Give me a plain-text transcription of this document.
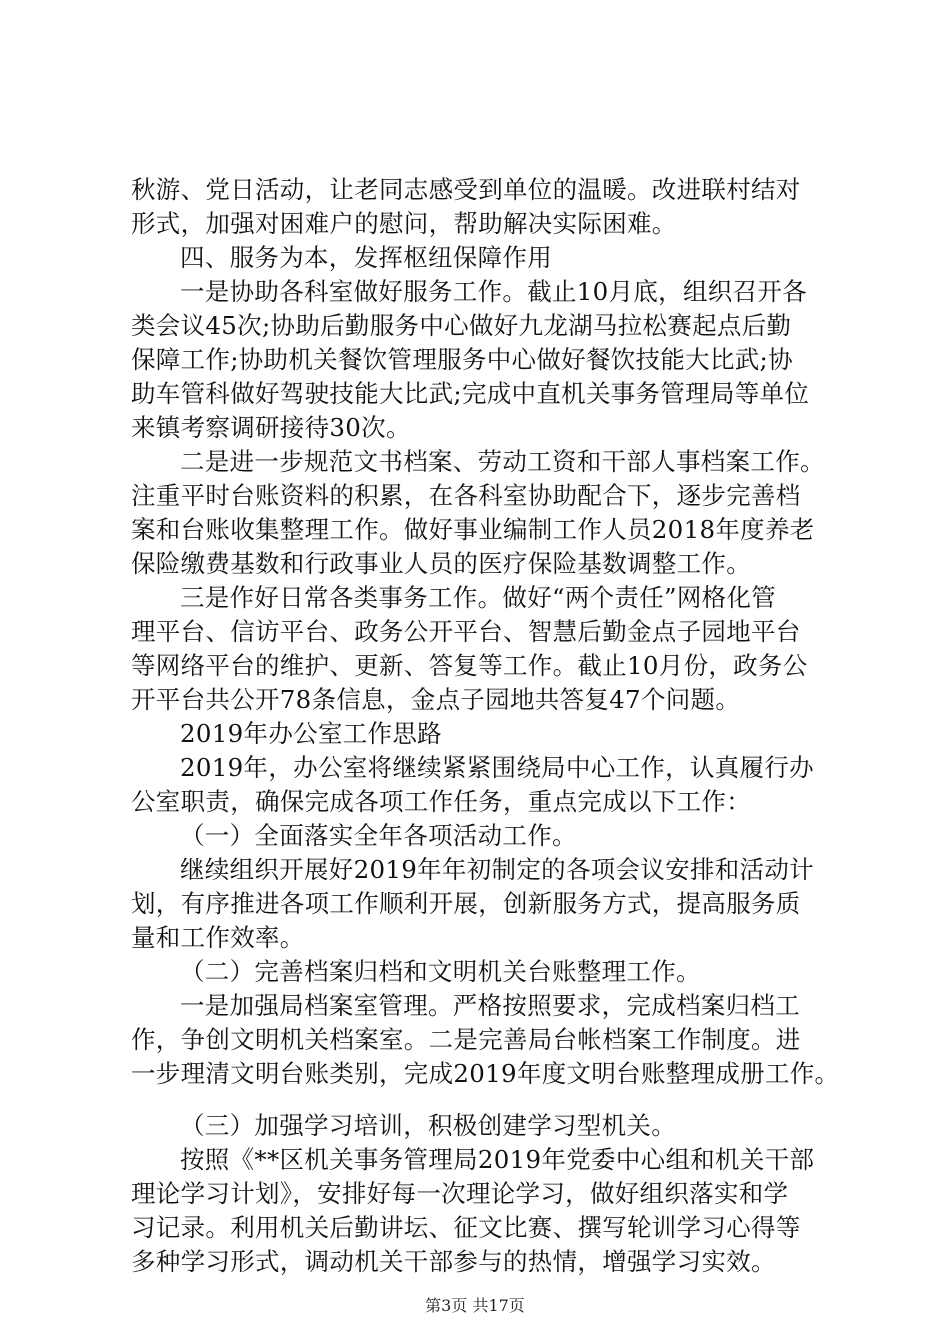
秋游、党日活动，让老同志感受到单位的温暖。改进联村结对
形式，加强对困难户的慰问，帮助解决实际困难。
四、服务为本，发挥枢纽保障作用
一是协助各科室做好服务工作。截止10月底，组织召开各
类会议45次;协助后勤服务中心做好九龙湖马拉松赛起点后勤
保障工作;协助机关餐饮管理服务中心做好餐饮技能大比武;协
助车管科做好驾驶技能大比武;完成中直机关事务管理局等单位
来镇考察调研接待30次。
二是进一步规范文书档案、劳动工资和干部人事档案工作。
注重平时台账资料的积累，在各科室协助配合下，逐步完善档
案和台账收集整理工作。做好事业编制工作人员2018年度养老
保险缴费基数和行政事业人员的医疗保险基数调整工作。
三是作好日常各类事务工作。做好“两个责任”网格化管
理平台、信访平台、政务公开平台、智慧后勤金点子园地平台
等网络平台的维护、更新、答复等工作。截止10月份，政务公
开平台共公开78条信息，金点子园地共答复47个问题。
2019年办公室工作思路
2019年，办公室将继续紧紧围绕局中心工作，认真履行办
公室职责，确保完成各项工作任务，重点完成以下工作：
（一）全面落实全年各项活动工作。
继续组织开展好2019年年初制定的各项会议安排和活动计
划，有序推进各项工作顺利开展，创新服务方式，提高服务质
量和工作效率。
（二）完善档案归档和文明机关台账整理工作。
一是加强局档案室管理。严格按照要求，完成档案归档工
作，争创文明机关档案室。二是完善局台帐档案工作制度。进
一步理清文明台账类别，完成2019年度文明台账整理成册工作。
（三）加强学习培训，积极创建学习型机关。
按照《**区机关事务管理局2019年党委中心组和机关干部
理论学习计划》，安排好每一次理论学习，做好组织落实和学
习记录。利用机关后勤讲坛、征文比赛、撰写轮训学习心得等
多种学习形式，调动机关干部参与的热情，增强学习实效。
第3页 共17页
